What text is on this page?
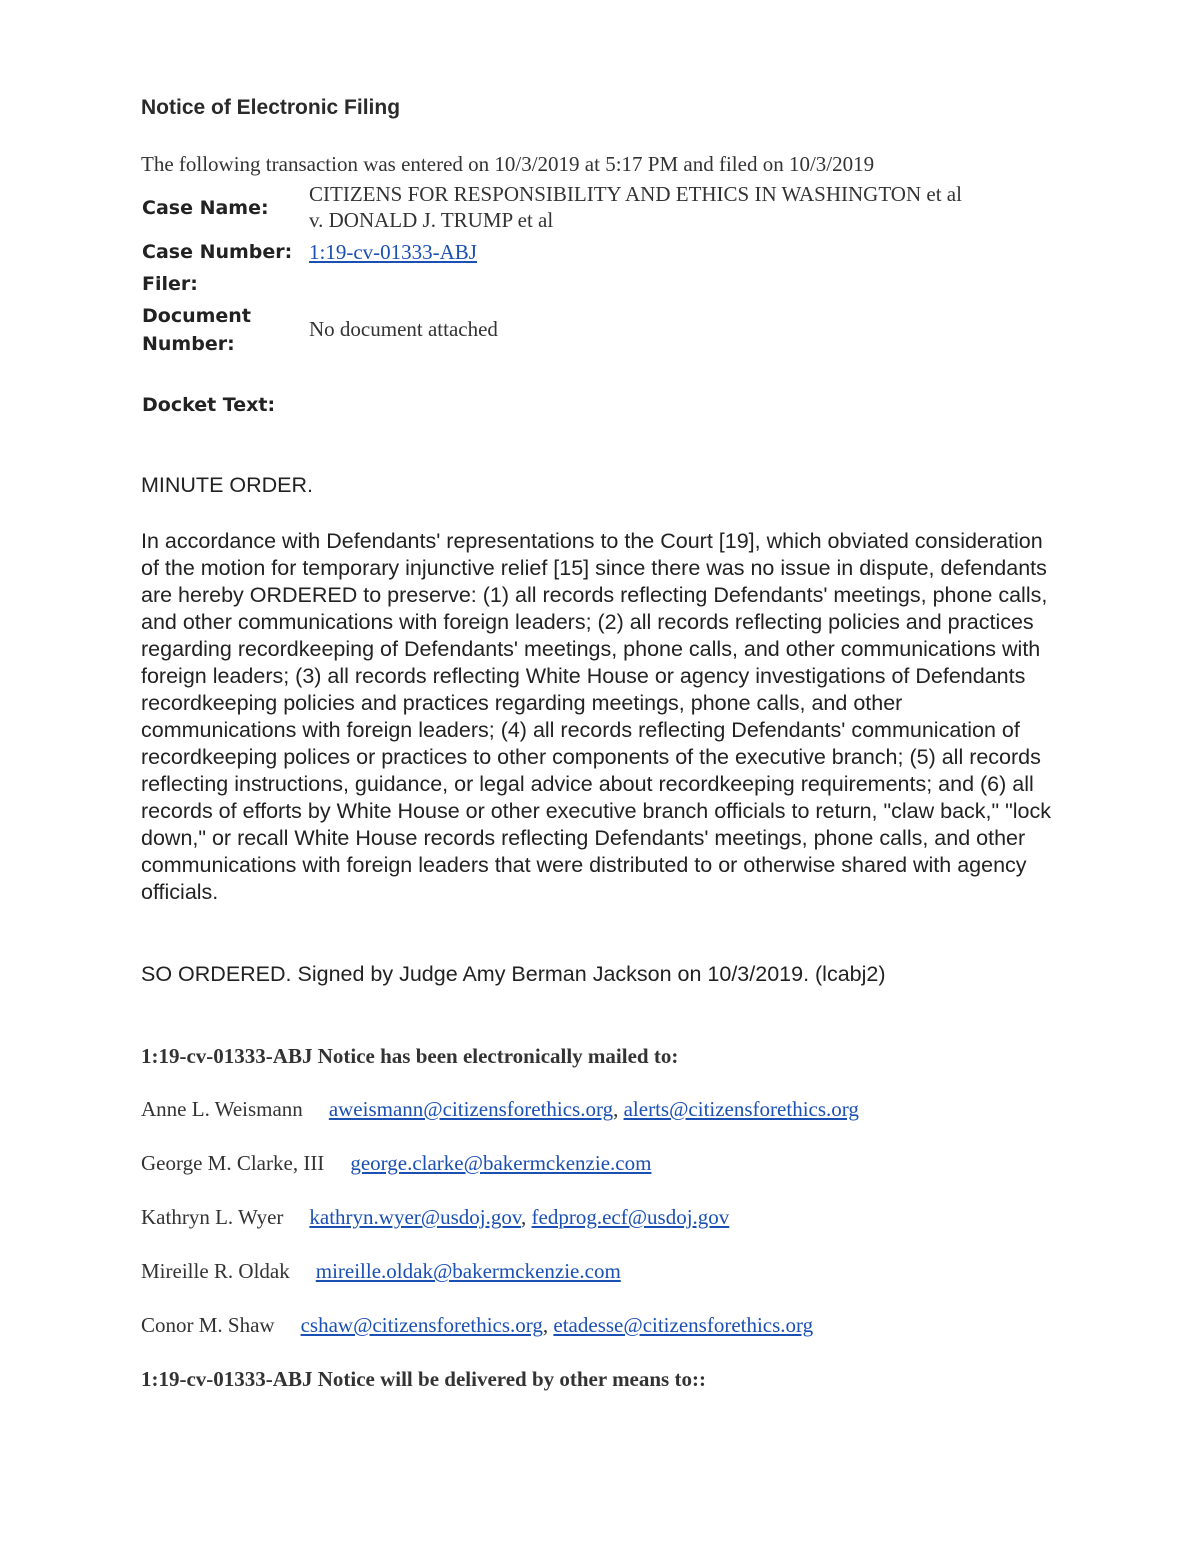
Notice of Electronic Filing
The following transaction was entered on 10/3/2019 at 5:17 PM and filed on 10/3/2019
Case Name:
CITIZENS FOR RESPONSIBILITY AND ETHICS IN WASHINGTON et al
v. DONALD J. TRUMP et al
Case Number: 1:19-cv-01333-ABJ
Filer:
Document
Number:
No document attached
Docket Text:
MINUTE ORDER.

In accordance with Defendants' representations to the Court [19], which obviated consideration of the motion for temporary injunctive relief [15] since there was no issue in dispute, defendants are hereby ORDERED to preserve: (1) all records reflecting Defendants' meetings, phone calls, and other communications with foreign leaders; (2) all records reflecting policies and practices regarding recordkeeping of Defendants' meetings, phone calls, and other communications with foreign leaders; (3) all records reflecting White House or agency investigations of Defendants recordkeeping policies and practices regarding meetings, phone calls, and other communications with foreign leaders; (4) all records reflecting Defendants' communication of recordkeeping polices or practices to other components of the executive branch; (5) all records reflecting instructions, guidance, or legal advice about recordkeeping requirements; and (6) all records of efforts by White House or other executive branch officials to return, "claw back," "lock down," or recall White House records reflecting Defendants' meetings, phone calls, and other communications with foreign leaders that were distributed to or otherwise shared with agency officials.

SO ORDERED. Signed by Judge Amy Berman Jackson on 10/3/2019. (lcabj2)
1:19-cv-01333-ABJ Notice has been electronically mailed to:
Anne L. Weismann aweismann@citizensforethics.org, alerts@citizensforethics.org
George M. Clarke, III george.clarke@bakermckenzie.com
Kathryn L. Wyer kathryn.wyer@usdoj.gov, fedprog.ecf@usdoj.gov
Mireille R. Oldak mireille.oldak@bakermckenzie.com
Conor M. Shaw cshaw@citizensforethics.org, etadesse@citizensforethics.org
1:19-cv-01333-ABJ Notice will be delivered by other means to::
